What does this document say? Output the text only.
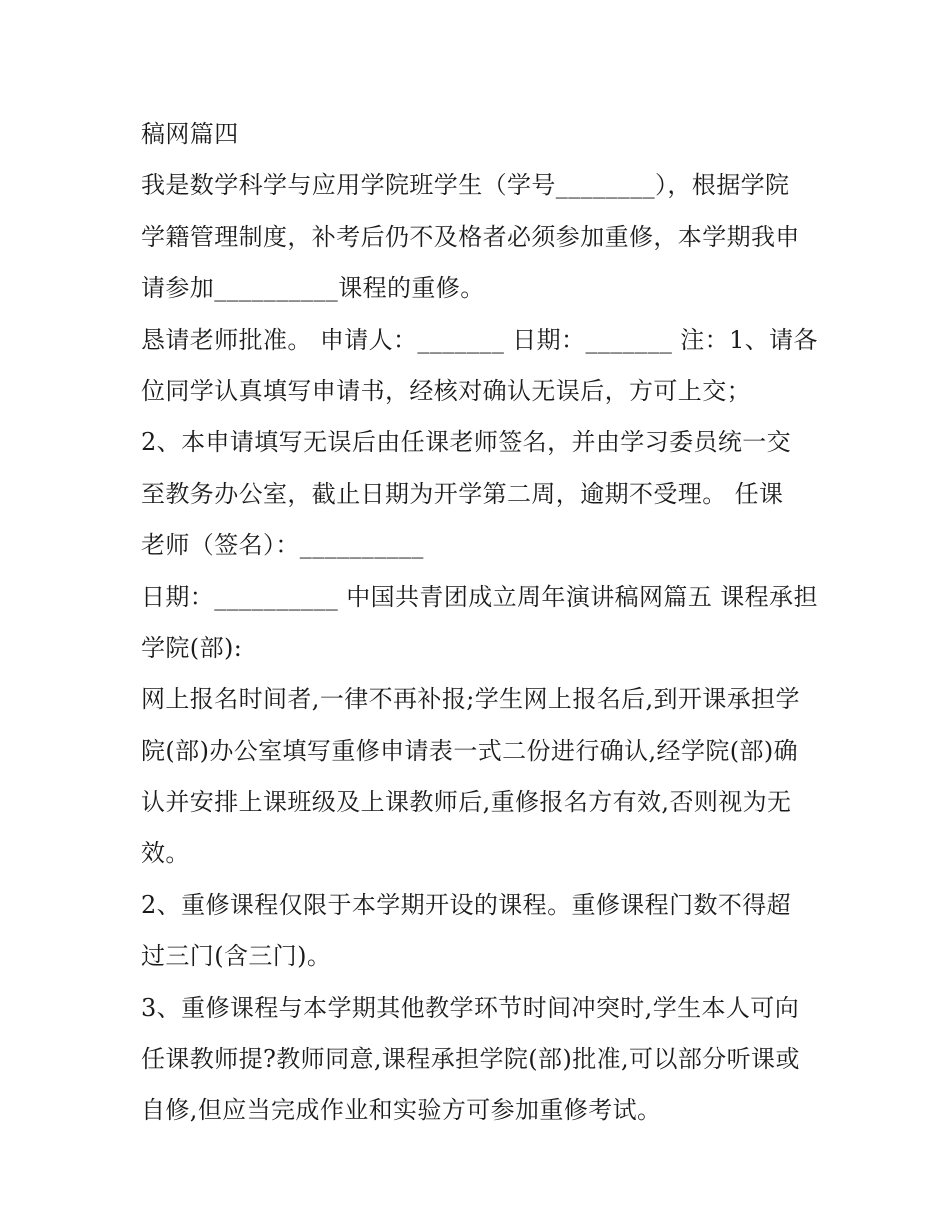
稿网篇四
我是数学科学与应用学院班学生（学号________），根据学院
学籍管理制度，补考后仍不及格者必须参加重修，本学期我申
请参加__________课程的重修。
恳请老师批准。 申请人：_______ 日期：_______ 注：1、请各
位同学认真填写申请书，经核对确认无误后，方可上交；
2、本申请填写无误后由任课老师签名，并由学习委员统一交
至教务办公室，截止日期为开学第二周，逾期不受理。 任课
老师（签名）：__________
日期：__________ 中国共青团成立周年演讲稿网篇五 课程承担
学院(部):
网上报名时间者,一律不再补报;学生网上报名后,到开课承担学
院(部)办公室填写重修申请表一式二份进行确认,经学院(部)确
认并安排上课班级及上课教师后,重修报名方有效,否则视为无
效。
2、重修课程仅限于本学期开设的课程。重修课程门数不得超
过三门(含三门)。
3、重修课程与本学期其他教学环节时间冲突时,学生本人可向
任课教师提?教师同意,课程承担学院(部)批准,可以部分听课或
自修,但应当完成作业和实验方可参加重修考试。
